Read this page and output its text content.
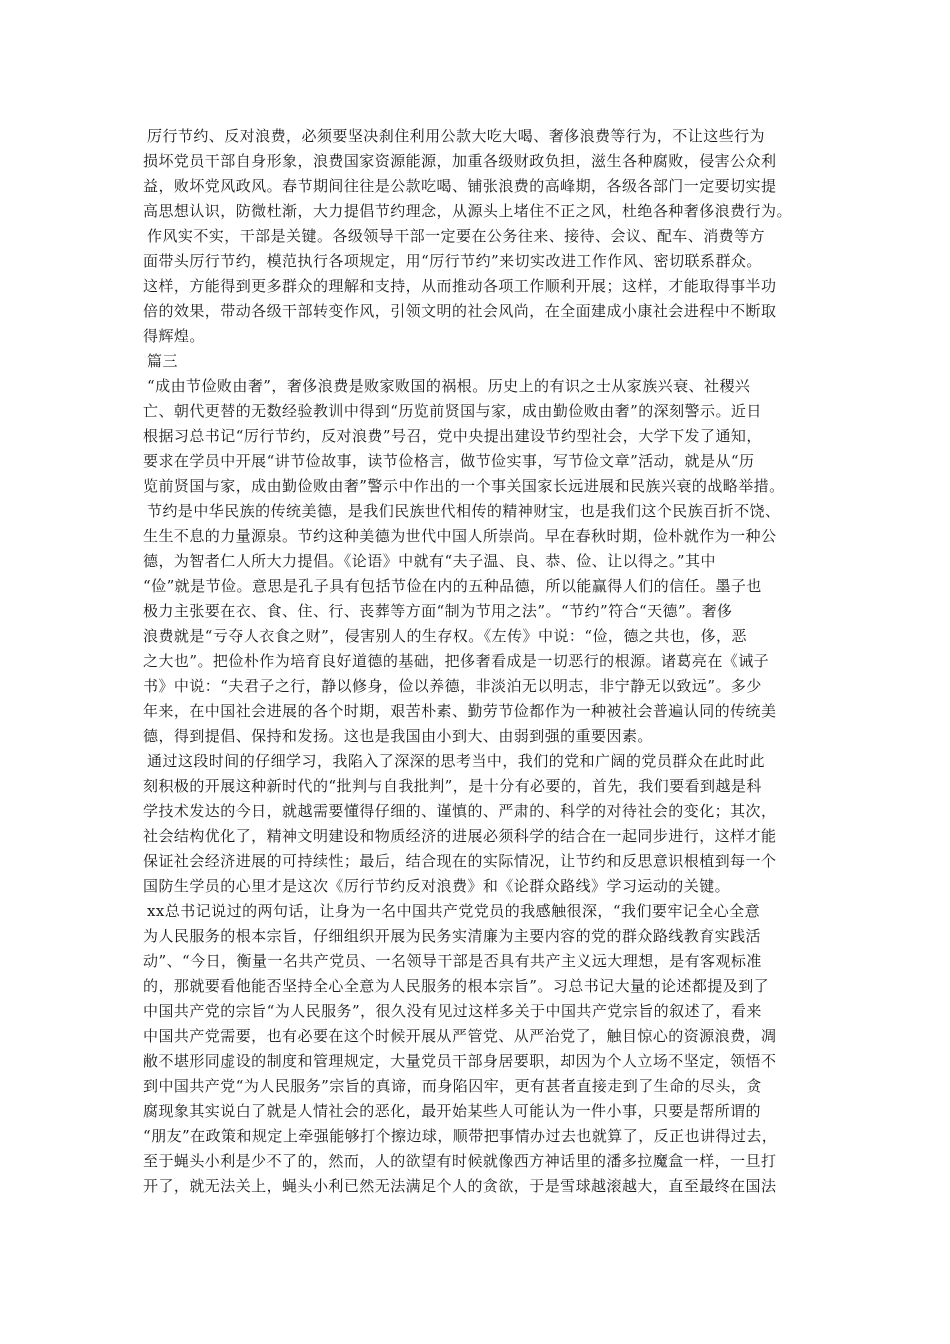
厉行节约、反对浪费，必须要坚决刹住利用公款大吃大喝、奢侈浪费等行为，不让这些行为
损坏党员干部自身形象，浪费国家资源能源，加重各级财政负担，滋生各种腐败，侵害公众利
益，败坏党风政风。春节期间往往是公款吃喝、铺张浪费的高峰期，各级各部门一定要切实提
高思想认识，防微杜渐，大力提倡节约理念，从源头上堵住不正之风，杜绝各种奢侈浪费行为。
作风实不实，干部是关键。各级领导干部一定要在公务往来、接待、会议、配车、消费等方
面带头厉行节约，模范执行各项规定，用“厉行节约”来切实改进工作作风、密切联系群众。
这样，方能得到更多群众的理解和支持，从而推动各项工作顺利开展；这样，才能取得事半功
倍的效果，带动各级干部转变作风，引领文明的社会风尚，在全面建成小康社会进程中不断取
得辉煌。
篇三
“成由节俭败由奢”，奢侈浪费是败家败国的祸根。历史上的有识之士从家族兴衰、社稷兴
亡、朝代更替的无数经验教训中得到“历览前贤国与家，成由勤俭败由奢”的深刻警示。近日
根据习总书记“厉行节约，反对浪费”号召，党中央提出建设节约型社会，大学下发了通知，
要求在学员中开展“讲节俭故事，读节俭格言，做节俭实事，写节俭文章”活动，就是从“历
览前贤国与家，成由勤俭败由奢”警示中作出的一个事关国家长远进展和民族兴衰的战略举措。
节约是中华民族的传统美德，是我们民族世代相传的精神财宝，也是我们这个民族百折不饶、
生生不息的力量源泉。节约这种美德为世代中国人所崇尚。早在春秋时期，俭朴就作为一种公
德，为智者仁人所大力提倡。《论语》中就有“夫子温、良、恭、俭、让以得之。”其中
“俭”就是节俭。意思是孔子具有包括节俭在内的五种品德，所以能赢得人们的信任。墨子也
极力主张要在衣、食、住、行、丧葬等方面“制为节用之法”。“节约”符合“天德”。奢侈
浪费就是“亏夺人衣食之财”，侵害别人的生存权。《左传》中说：“俭，德之共也，侈，恶
之大也”。把俭朴作为培育良好道德的基础，把侈奢看成是一切恶行的根源。诸葛亮在《诫子
书》中说：“夫君子之行，静以修身，俭以养德，非淡泊无以明志，非宁静无以致远”。多少
年来，在中国社会进展的各个时期，艰苦朴素、勤劳节俭都作为一种被社会普遍认同的传统美
德，得到提倡、保持和发扬。这也是我国由小到大、由弱到强的重要因素。
通过这段时间的仔细学习，我陷入了深深的思考当中，我们的党和广阔的党员群众在此时此
刻积极的开展这种新时代的“批判与自我批判”，是十分有必要的，首先，我们要看到越是科
学技术发达的今日，就越需要懂得仔细的、谨慎的、严肃的、科学的对待社会的变化；其次，
社会结构优化了，精神文明建设和物质经济的进展必须科学的结合在一起同步进行，这样才能
保证社会经济进展的可持续性；最后，结合现在的实际情况，让节约和反思意识根植到每一个
国防生学员的心里才是这次《厉行节约反对浪费》和《论群众路线》学习运动的关键。
xx总书记说过的两句话，让身为一名中国共产党党员的我感触很深，“我们要牢记全心全意
为人民服务的根本宗旨，仔细组织开展为民务实清廉为主要内容的党的群众路线教育实践活
动”、“今日，衡量一名共产党员、一名领导干部是否具有共产主义远大理想，是有客观标准
的，那就要看他能否坚持全心全意为人民服务的根本宗旨”。习总书记大量的论述都提及到了
中国共产党的宗旨“为人民服务”，很久没有见过这样多关于中国共产党宗旨的叙述了，看来
中国共产党需要，也有必要在这个时候开展从严管党、从严治党了，触目惊心的资源浪费，凋
敝不堪形同虚设的制度和管理规定，大量党员干部身居要职，却因为个人立场不坚定，领悟不
到中国共产党“为人民服务”宗旨的真谛，而身陷囚牢，更有甚者直接走到了生命的尽头，贪
腐现象其实说白了就是人情社会的恶化，最开始某些人可能认为一件小事，只要是帮所谓的
“朋友”在政策和规定上牵强能够打个擦边球，顺带把事情办过去也就算了，反正也讲得过去，
至于蝇头小利是少不了的，然而，人的欲望有时候就像西方神话里的潘多拉魔盒一样，一旦打
开了，就无法关上，蝇头小利已然无法满足个人的贪欲，于是雪球越滚越大，直至最终在国法
